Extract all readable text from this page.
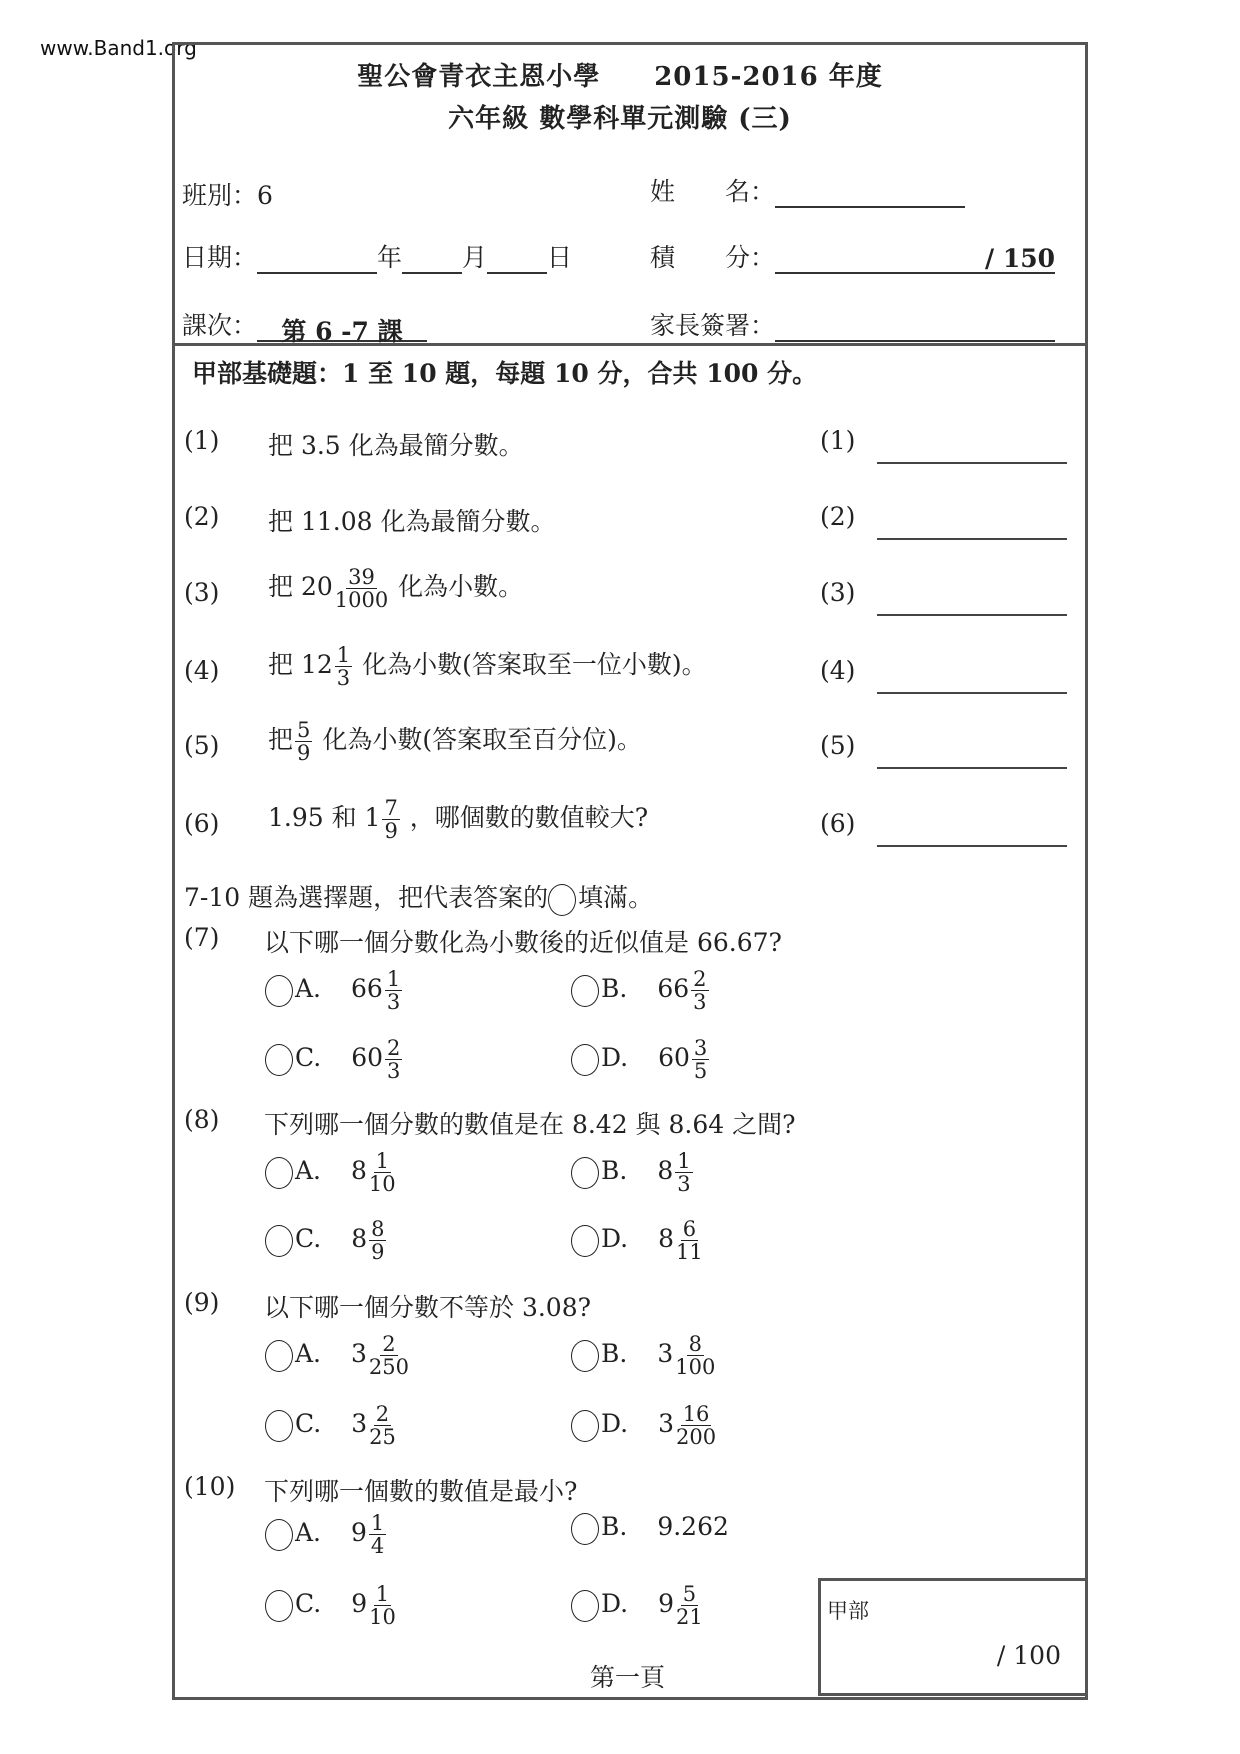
www.Band1.org
聖公會青衣主恩小學　　 2015-2016 年度
六年級 數學科單元測驗 (三)
班別：6	姓　　名：
日期：	年 月 日	積　　分：	/ 150
課次： 第 6 -7 課	家長簽署：
甲部基礎題：1 至 10 題，每題 10 分，合共 100 分。
(1) 把 3.5 化為最簡分數。	(1)
(2) 把 11.08 化為最簡分數。	(2)
(3) 把 $20 \frac{39}{1000}$ 化為小數。	(3)
(4) 把 $12 \frac{1}{3}$ 化為小數(答案取至一位小數)。	(4)
(5) 把 $\frac{5}{9}$ 化為小數(答案取至百分位)。	(5)
(6) 1.95 和 $1 \frac{7}{9}$ ，哪個數的數值較大?	(6)
7-10 題為選擇題，把代表答案的 填滿。
(7) 以下哪一個分數化為小數後的近似值是 66.67?
A. $66 \frac{1}{3}$	B. $66 \frac{2}{3}$
C. $60 \frac{2}{3}$	D. $60 \frac{3}{5}$
(8) 下列哪一個分數的數值是在 8.42 與 8.64 之間?
A. $8 \frac{1}{10}$	B. $8 \frac{1}{3}$
C. $8 \frac{8}{9}$	D. $8 \frac{6}{11}$
(9) 以下哪一個分數不等於 3.08?
A. $3 \frac{2}{250}$	B. $3 \frac{8}{100}$
C. $3 \frac{2}{25}$	D. $3 \frac{16}{200}$
(10) 下列哪一個數的數值是最小?
A. $9 \frac{1}{4}$	B. 9.262
C. $9 \frac{1}{10}$	D. $9 \frac{5}{21}$	甲部
/ 100
第一頁
